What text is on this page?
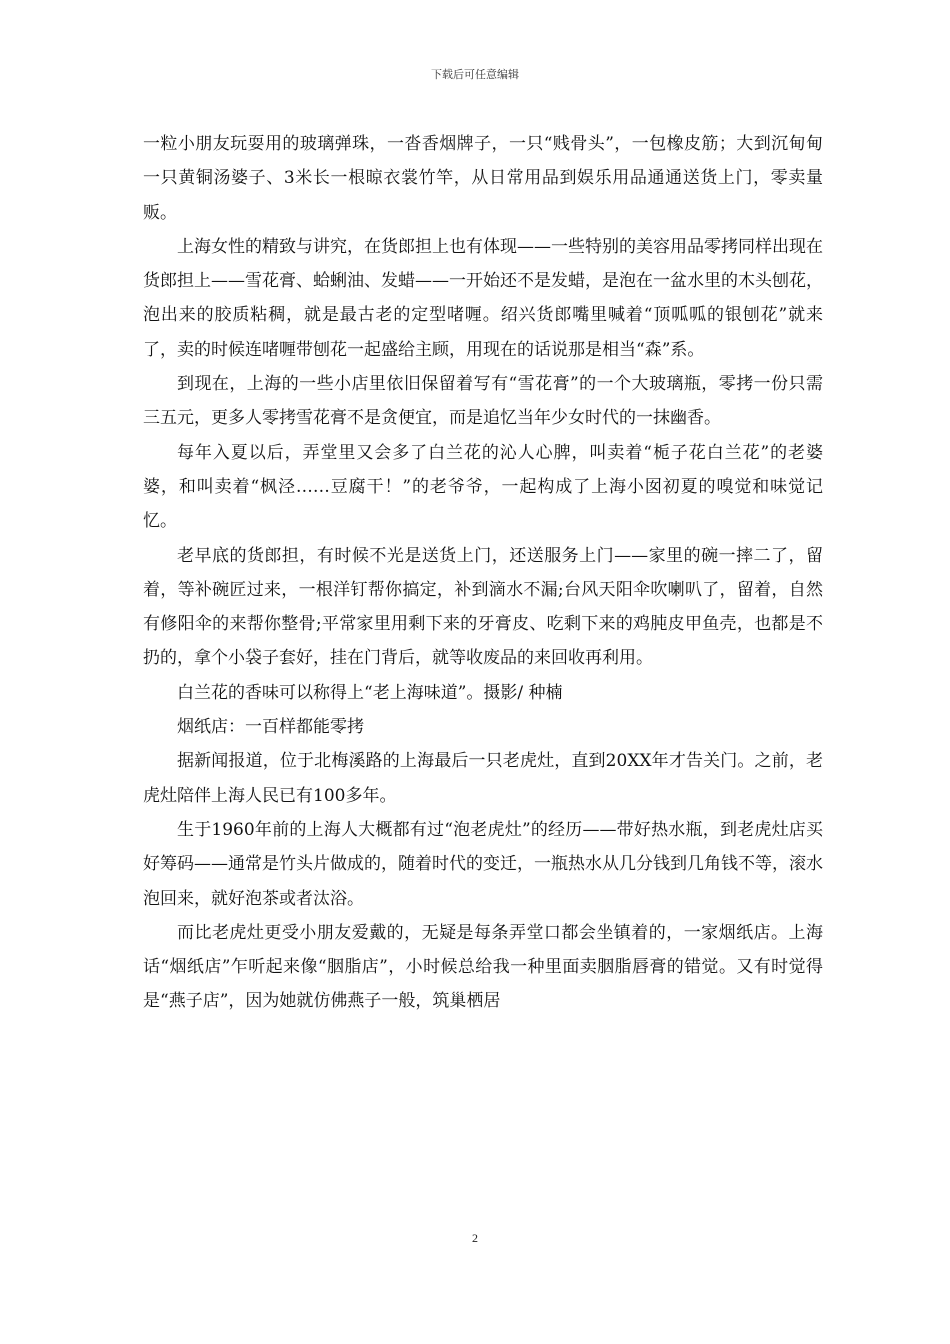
下载后可任意编辑

一粒小朋友玩耍用的玻璃弹珠，一沓香烟牌子，一只“贱骨头”，一包橡皮筋；大到沉甸甸一只黄铜汤婆子、3米长一根晾衣裳竹竿，从日常用品到娱乐用品通通送货上门，零卖量贩。

上海女性的精致与讲究，在货郎担上也有体现——一些特别的美容用品零拷同样出现在货郎担上——雪花膏、蛤蜊油、发蜡——一开始还不是发蜡，是泡在一盆水里的木头刨花，泡出来的胶质粘稠，就是最古老的定型啫喱。绍兴货郎嘴里喊着“顶呱呱的银刨花”就来了，卖的时候连啫喱带刨花一起盛给主顾，用现在的话说那是相当“森”系。

到现在，上海的一些小店里依旧保留着写有“雪花膏”的一个大玻璃瓶，零拷一份只需三五元，更多人零拷雪花膏不是贪便宜，而是追忆当年少女时代的一抹幽香。

每年入夏以后，弄堂里又会多了白兰花的沁人心脾，叫卖着“栀子花白兰花”的老婆婆，和叫卖着“枫泾……豆腐干！”的老爷爷，一起构成了上海小囡初夏的嗅觉和味觉记忆。

老早底的货郎担，有时候不光是送货上门，还送服务上门——家里的碗一摔二了，留着，等补碗匠过来，一根洋钉帮你搞定，补到滴水不漏;台风天阳伞吹喇叭了，留着，自然有修阳伞的来帮你整骨;平常家里用剩下来的牙膏皮、吃剩下来的鸡肫皮甲鱼壳，也都是不扔的，拿个小袋子套好，挂在门背后，就等收废品的来回收再利用。

白兰花的香味可以称得上“老上海味道”。摄影/ 种楠

烟纸店：一百样都能零拷

据新闻报道，位于北梅溪路的上海最后一只老虎灶，直到20XX年才告关门。之前，老虎灶陪伴上海人民已有100多年。

生于1960年前的上海人大概都有过“泡老虎灶”的经历——带好热水瓶，到老虎灶店买好筹码——通常是竹头片做成的，随着时代的变迁，一瓶热水从几分钱到几角钱不等，滚水泡回来，就好泡茶或者汰浴。

而比老虎灶更受小朋友爱戴的，无疑是每条弄堂口都会坐镇着的，一家烟纸店。上海话“烟纸店”乍听起来像“胭脂店”，小时候总给我一种里面卖胭脂唇膏的错觉。又有时觉得是“燕子店”，因为她就仿佛燕子一般，筑巢栖居

2
